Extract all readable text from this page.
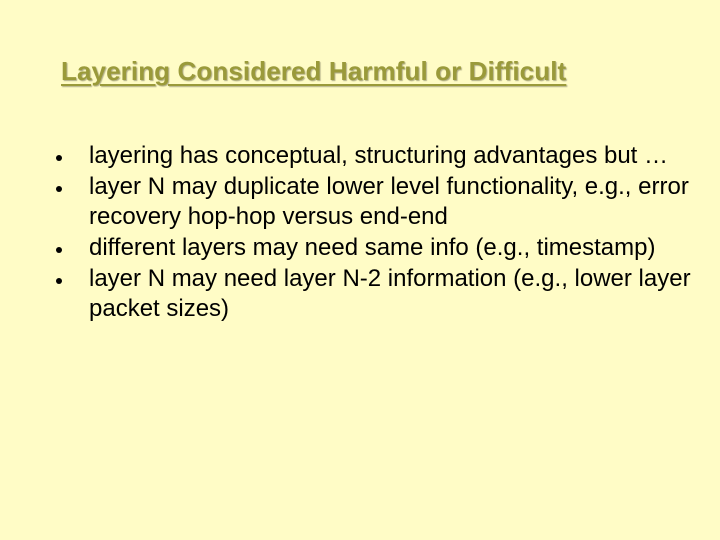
Layering Considered Harmful or Difficult
layering has conceptual, structuring advantages but …
layer N may duplicate lower level functionality, e.g., error recovery hop-hop versus end-end
different layers may need same info (e.g., timestamp)
layer N may need layer N-2 information (e.g., lower layer packet sizes)
